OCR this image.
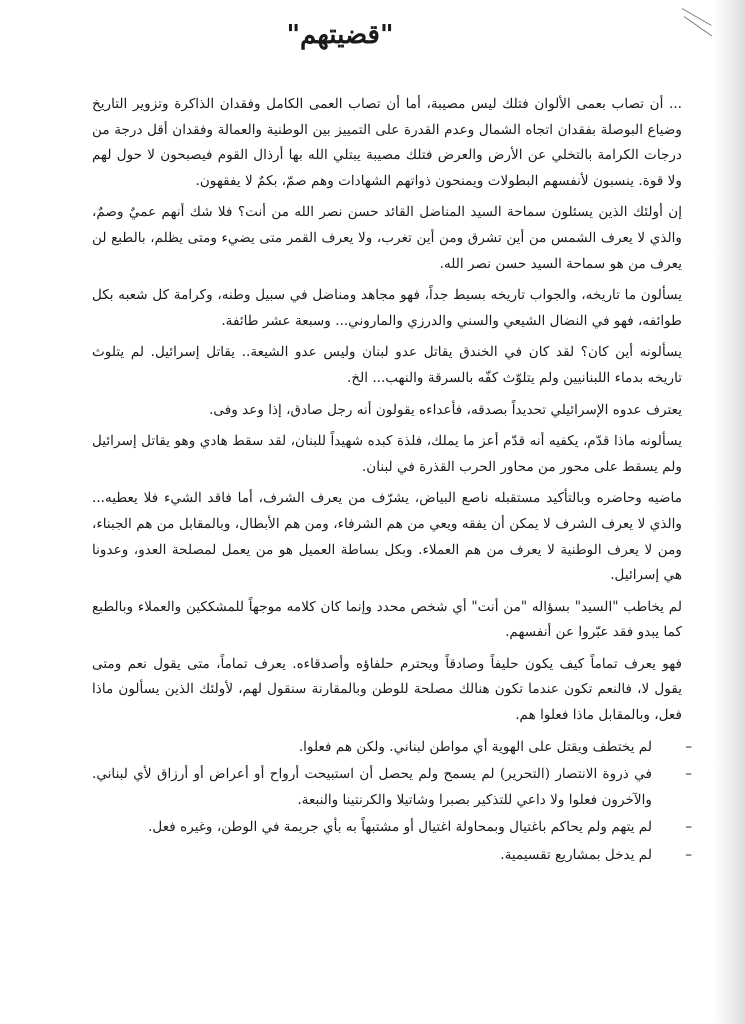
"قضيتهم"

... أن تصاب بعمى الألوان فتلك ليس مصيبة، أما أن تصاب العمى الكامل وفقدان الذاكرة وتزوير التاريخ وضياع البوصلة بفقدان اتجاه الشمال وعدم القدرة على التمييز بين الوطنية والعمالة وفقدان أقل درجة من درجات الكرامة بالتخلي عن الأرض والعرض فتلك مصيبة يبتلي الله بها أرذال القوم فيصبحون لا حول لهم ولا قوة. ينسبون لأنفسهم البطولات ويمنحون ذواتهم الشهادات وهم صمّ، بكمٌ لا يفقهون.

إن أولئك الذين يسئلون سماحة السيد المناضل القائد حسن نصر الله من أنت؟ فلا شك أنهم عميٌ وصمٌ، والذي لا يعرف الشمس من أين تشرق ومن أين تغرب، ولا يعرف القمر متى يضيء ومتى يظلم، بالطبع لن يعرف من هو سماحة السيد حسن نصر الله.

يسألون ما تاريخه، والجواب تاريخه بسيط جداً، فهو مجاهد ومناضل في سبيل وطنه، وكرامة كل شعبه بكل طوائفه، فهو في النضال الشيعي والسني والدرزي والماروني... وسبعة عشر طائفة.

يسألونه أين كان؟ لقد كان في الخندق يقاتل عدو لبنان وليس عدو الشيعة.. يقاتل إسرائيل. لم يتلوث تاريخه بدماء اللبنانيين ولم يتلوّث كفّه بالسرقة والنهب... الخ.

يعترف عدوه الإسرائيلي تحديداً بصدقه، فأعداءه يقولون أنه رجل صادق، إذا وعد وفى.

يسألونه ماذا قدّم، يكفيه أنه قدّم أعز ما يملك، فلذة كبده شهيداً للبنان، لقد سقط هادي وهو يقاتل إسرائيل ولم يسقط على محور من محاور الحرب القذرة في لبنان.

ماضيه وحاضره وبالتأكيد مستقبله ناصع البياض، يشرّف من يعرف الشرف، أما فاقد الشيء فلا يعطيه... والذي لا يعرف الشرف لا يمكن أن يفقه ويعي من هم الشرفاء، ومن هم الأبطال، وبالمقابل من هم الجبناء، ومن لا يعرف الوطنية لا يعرف من هم العملاء. وبكل بساطة العميل هو من يعمل لمصلحة العدو، وعدونا هي إسرائيل.

لم يخاطب "السيد" بسؤاله "من أنت" أي شخص محدد وإنما كان كلامه موجهاً للمشككين والعملاء وبالطبع كما يبدو فقد عبّروا عن أنفسهم.

فهو يعرف تماماً كيف يكون حليفاً وصادقاً ويحترم حلفاؤه وأصدقاءه. يعرف تماماً، متى يقول نعم ومتى يقول لا، فالنعم تكون عندما تكون هنالك مصلحة للوطن وبالمقارنة سنقول لهم، لأولئك الذين يسألون ماذا فعل، وبالمقابل ماذا فعلوا هم.

–
لم يختطف ويقتل على الهوية أي مواطن لبناني. ولكن هم فعلوا.
–
في ذروة الانتصار (التحرير) لم يسمح ولم يحصل أن استبيحت أرواح أو أعراض أو أرزاق لأي لبناني. والآخرون فعلوا ولا داعي للتذكير بصبرا وشاتيلا والكرنتينا والنبعة.
–
لم يتهم ولم يحاكم باغتيال وبمحاولة اغتيال أو مشتبهاً به بأي جريمة في الوطن، وغيره فعل.
–
لم يدخل بمشاريع تقسيمية.
